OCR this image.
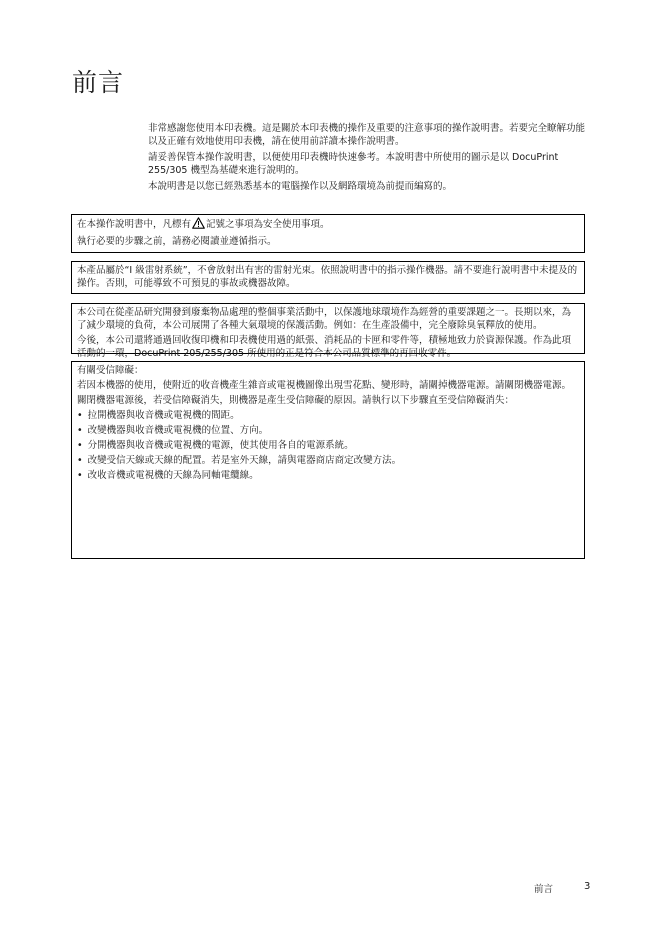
前言

非常感謝您使用本印表機。這是關於本印表機的操作及重要的注意事項的操作說明書。若要完全瞭解功能以及正確有效地使用印表機，請在使用前詳讀本操作說明書。

請妥善保管本操作說明書，以便使用印表機時快速參考。本說明書中所使用的圖示是以 DocuPrint 255/305 機型為基礎來進行說明的。

本說明書是以您已經熟悉基本的電腦操作以及網路環境為前提而編寫的。

在本操作說明書中，凡標有 記號之事項為安全使用事項。

執行必要的步驟之前，請務必閱讀並遵循指示。

本產品屬於“I 級雷射系統”，不會放射出有害的雷射光束。依照說明書中的指示操作機器。請不要進行說明書中未提及的操作。否則，可能導致不可預見的事故或機器故障。

本公司在從產品研究開發到廢棄物品處理的整個事業活動中，以保護地球環境作為經營的重要課題之一。長期以來，為了減少環境的負荷，本公司展開了各種大氣環境的保護活動。例如：在生產設備中，完全廢除臭氧釋放的使用。

今後，本公司還將通過回收復印機和印表機使用過的紙張、消耗品的卡匣和零件等，積極地致力於資源保護。作為此項活動的一環，DocuPrint 205/255/305 所使用的正是符合本公司品質標準的再回收零件。

有關受信障礙：

若因本機器的使用，使附近的收音機產生雜音或電視機圖像出現雪花點、變形時，請關掉機器電源。請關閉機器電源。

關閉機器電源後，若受信障礙消失，則機器是產生受信障礙的原因。請執行以下步驟直至受信障礙消失：

• 拉開機器與收音機或電視機的間距。

• 改變機器與收音機或電視機的位置、方向。

• 分開機器與收音機或電視機的電源，使其使用各自的電源系統。

• 改變受信天線或天線的配置。若是室外天線，請與電器商店商定改變方法。

• 改收音機或電視機的天線為同軸電纜線。

前言	3
